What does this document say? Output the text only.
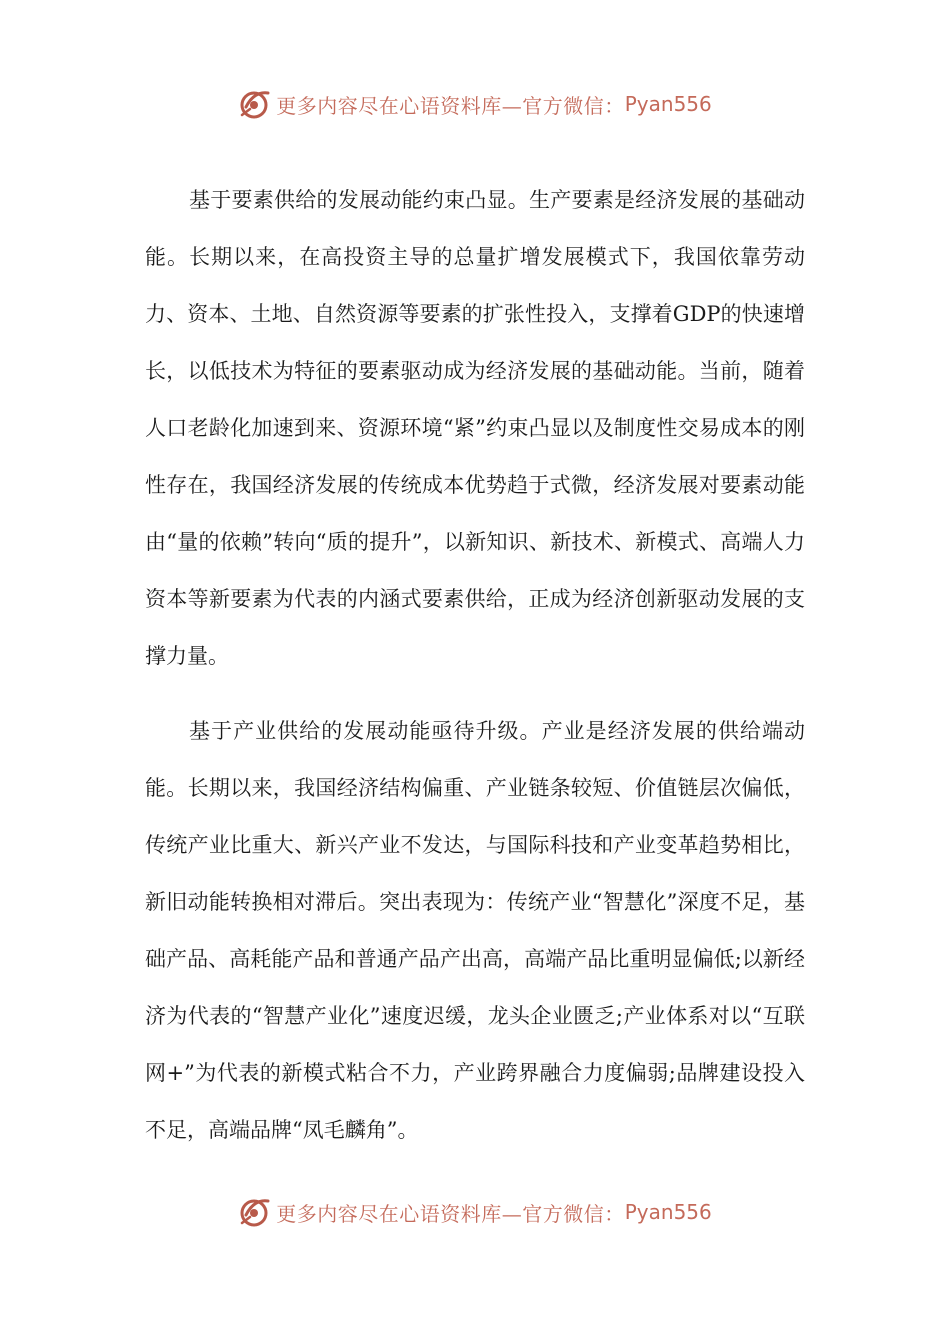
更多内容尽在心语资料库—官方微信： Pyan556

基于要素供给的发展动能约束凸显。生产要素是经济发展的基础动能。长期以来，在高投资主导的总量扩增发展模式下，我国依靠劳动力、资本、土地、自然资源等要素的扩张性投入，支撑着GDP的快速增长，以低技术为特征的要素驱动成为经济发展的基础动能。当前，随着人口老龄化加速到来、资源环境“紧”约束凸显以及制度性交易成本的刚性存在，我国经济发展的传统成本优势趋于式微，经济发展对要素动能由“量的依赖”转向“质的提升”，以新知识、新技术、新模式、高端人力资本等新要素为代表的内涵式要素供给，正成为经济创新驱动发展的支撑力量。

基于产业供给的发展动能亟待升级。产业是经济发展的供给端动能。长期以来，我国经济结构偏重、产业链条较短、价值链层次偏低，传统产业比重大、新兴产业不发达，与国际科技和产业变革趋势相比，新旧动能转换相对滞后。突出表现为：传统产业“智慧化”深度不足，基础产品、高耗能产品和普通产品产出高，高端产品比重明显偏低;以新经济为代表的“智慧产业化”速度迟缓，龙头企业匮乏;产业体系对以“互联网+”为代表的新模式粘合不力，产业跨界融合力度偏弱;品牌建设投入不足，高端品牌“凤毛麟角”。

更多内容尽在心语资料库—官方微信： Pyan556
